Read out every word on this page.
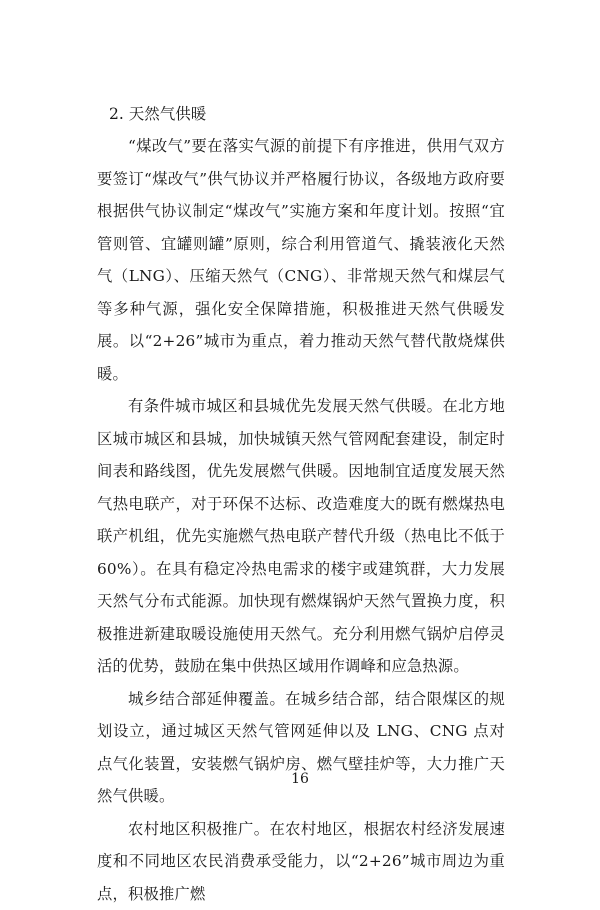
2. 天然气供暖

“煤改气”要在落实气源的前提下有序推进，供用气双方要签订“煤改气”供气协议并严格履行协议，各级地方政府要根据供气协议制定“煤改气”实施方案和年度计划。按照“宜管则管、宜罐则罐”原则，综合利用管道气、撬装液化天然气（LNG）、压缩天然气（CNG）、非常规天然气和煤层气等多种气源，强化安全保障措施，积极推进天然气供暖发展。以“2+26”城市为重点，着力推动天然气替代散烧煤供暖。

有条件城市城区和县城优先发展天然气供暖。在北方地区城市城区和县城，加快城镇天然气管网配套建设，制定时间表和路线图，优先发展燃气供暖。因地制宜适度发展天然气热电联产，对于环保不达标、改造难度大的既有燃煤热电联产机组，优先实施燃气热电联产替代升级（热电比不低于 60%）。在具有稳定冷热电需求的楼宇或建筑群，大力发展天然气分布式能源。加快现有燃煤锅炉天然气置换力度，积极推进新建取暖设施使用天然气。充分利用燃气锅炉启停灵活的优势，鼓励在集中供热区域用作调峰和应急热源。

城乡结合部延伸覆盖。在城乡结合部，结合限煤区的规划设立，通过城区天然气管网延伸以及 LNG、CNG 点对点气化装置，安装燃气锅炉房、燃气壁挂炉等，大力推广天然气供暖。

农村地区积极推广。在农村地区，根据农村经济发展速度和不同地区农民消费承受能力，以“2+26”城市周边为重点，积极推广燃

16
